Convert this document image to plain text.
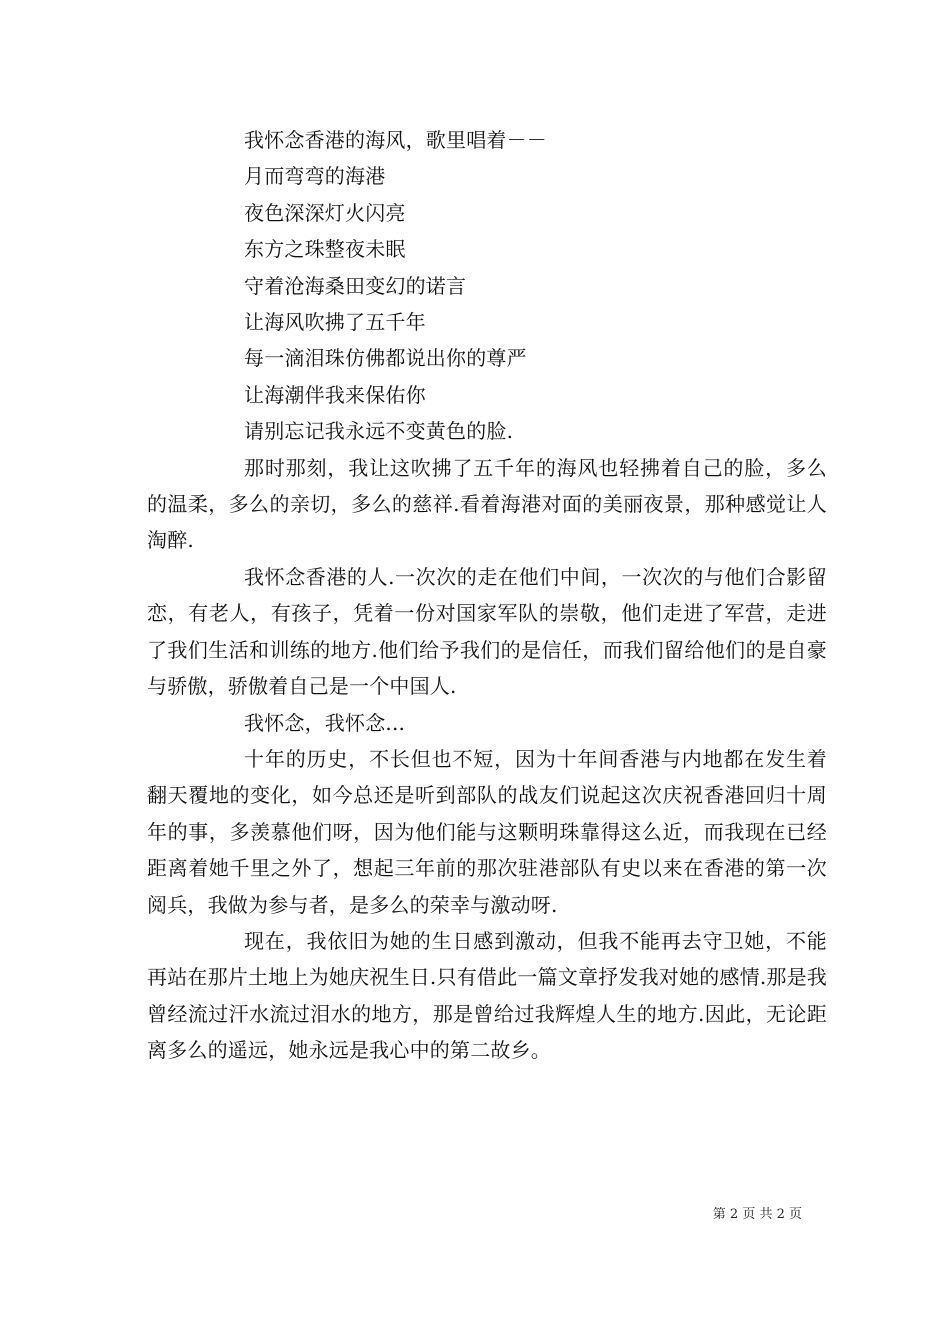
我怀念香港的海风，歌里唱着－－
月而弯弯的海港
夜色深深灯火闪亮
东方之珠整夜未眠
守着沧海桑田变幻的诺言
让海风吹拂了五千年
每一滴泪珠仿佛都说出你的尊严
让海潮伴我来保佑你
请别忘记我永远不变黄色的脸.
那时那刻，我让这吹拂了五千年的海风也轻拂着自己的脸，多么的温柔，多么的亲切，多么的慈祥.看着海港对面的美丽夜景，那种感觉让人淘醉.
我怀念香港的人.一次次的走在他们中间，一次次的与他们合影留恋，有老人，有孩子，凭着一份对国家军队的崇敬，他们走进了军营，走进了我们生活和训练的地方.他们给予我们的是信任，而我们留给他们的是自豪与骄傲，骄傲着自己是一个中国人.
我怀念，我怀念...
十年的历史，不长但也不短，因为十年间香港与内地都在发生着翻天覆地的变化，如今总还是听到部队的战友们说起这次庆祝香港回归十周年的事，多羡慕他们呀，因为他们能与这颗明珠靠得这么近，而我现在已经距离着她千里之外了，想起三年前的那次驻港部队有史以来在香港的第一次阅兵，我做为参与者，是多么的荣幸与激动呀.
现在，我依旧为她的生日感到激动，但我不能再去守卫她，不能再站在那片土地上为她庆祝生日.只有借此一篇文章抒发我对她的感情.那是我曾经流过汗水流过泪水的地方，那是曾给过我辉煌人生的地方.因此，无论距离多么的遥远，她永远是我心中的第二故乡。
第 2 页 共 2 页
